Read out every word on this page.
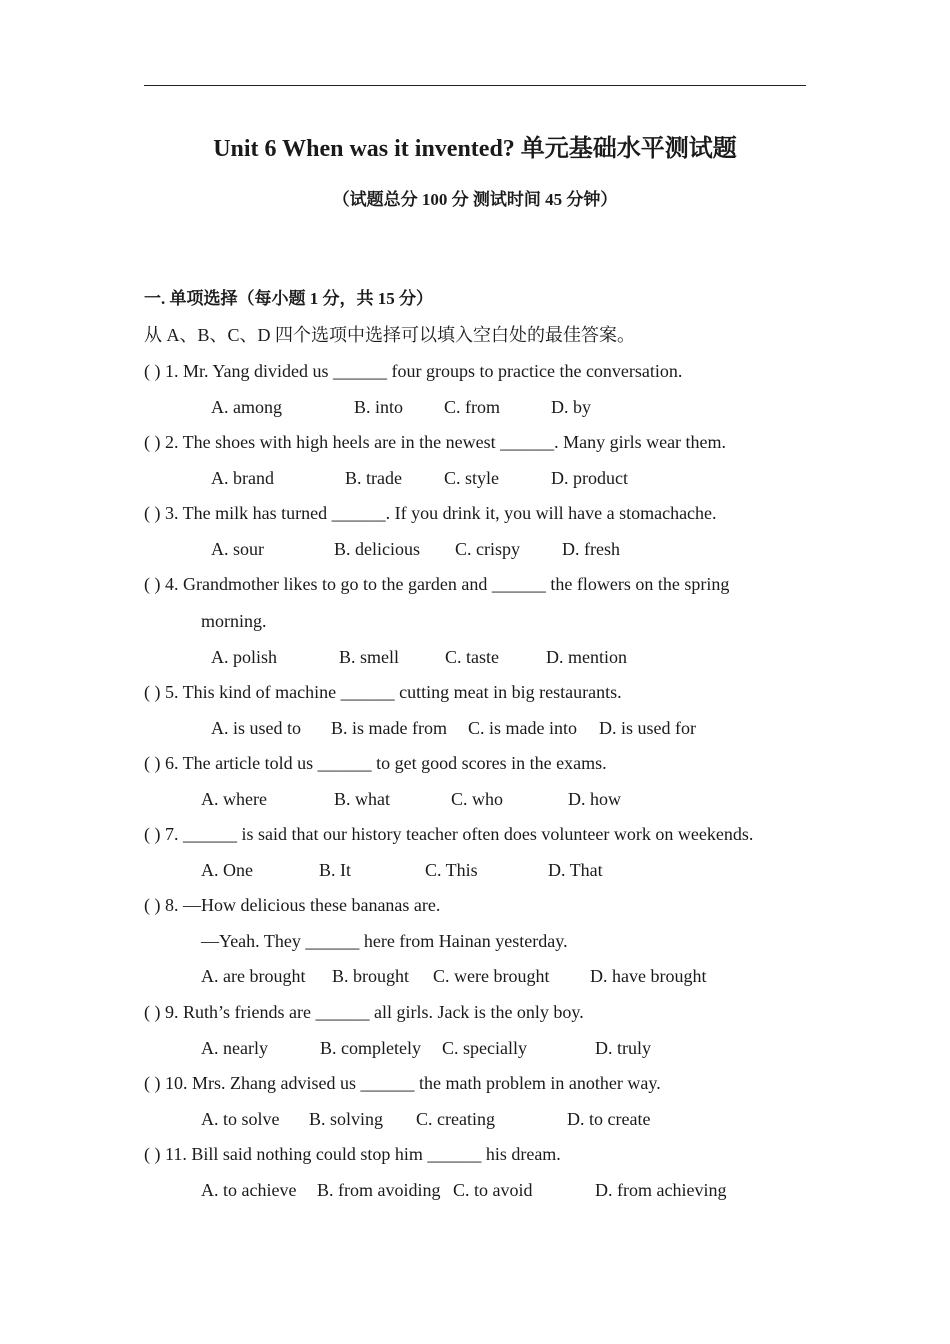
Unit 6 When was it invented? 单元基础水平测试题
（试题总分 100 分 测试时间 45 分钟）
一. 单项选择（每小题 1 分，共 15 分）
从 A、B、C、D 四个选项中选择可以填入空白处的最佳答案。
( ) 1. Mr. Yang divided us ______ four groups to practice the conversation.
A. among	B. into C. from	D. by
( ) 2. The shoes with high heels are in the newest ______. Many girls wear them.
A. brand	B. trade C. style	D. product
( ) 3. The milk has turned ______. If you drink it, you will have a stomachache.
A. sour	B. delicious C. crispy D. fresh
( ) 4. Grandmother likes to go to the garden and ______ the flowers on the spring
morning.
A. polish	B. smell	C. taste	D. mention
( ) 5. This kind of machine ______ cutting meat in big restaurants.
A. is used to B. is made from C. is made into D. is used for
( ) 6. The article told us ______ to get good scores in the exams.
A. where	B. what	C. who	D. how
( ) 7. ______ is said that our history teacher often does volunteer work on weekends.
A. One	B. It	C. This	D. That
( ) 8. —How delicious these bananas are.
—Yeah. They ______ here from Hainan yesterday.
A. are brought B. brought C. were brought D. have brought
( ) 9. Ruth’s friends are ______ all girls. Jack is the only boy.
A. nearly	B. completely C. specially	D. truly
( ) 10. Mrs. Zhang advised us ______ the math problem in another way.
A. to solve B. solving C. creating	D. to create
( ) 11. Bill said nothing could stop him ______ his dream.
A. to achieve B. from avoiding C. to avoid	D. from achieving
